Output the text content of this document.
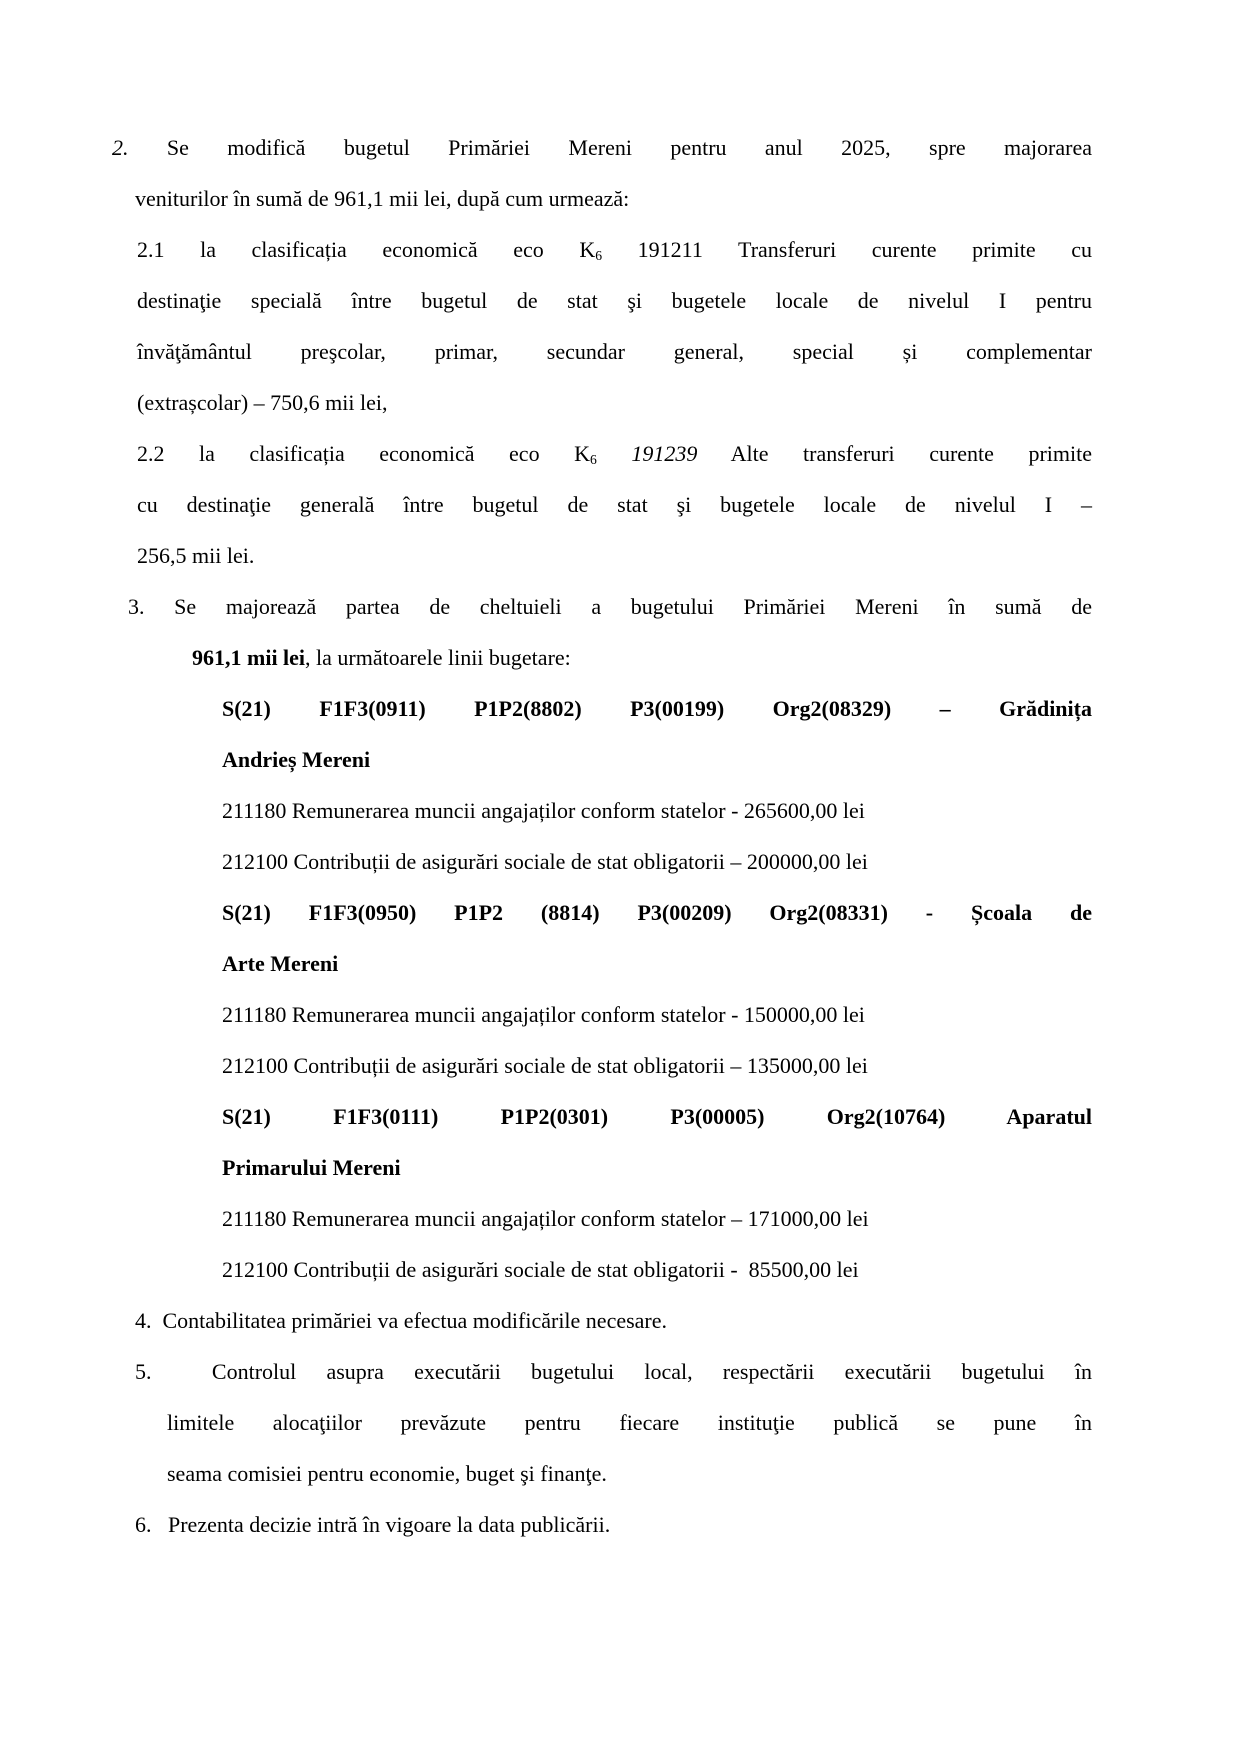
2. Se modifică bugetul Primăriei Mereni pentru anul 2025, spre majorarea
veniturilor în sumă de 961,1 mii lei, după cum urmează:
2.1 la clasificația economică eco $K_6$ 191211 Transferuri curente primite cu
destinaţie specială între bugetul de stat şi bugetele locale de nivelul I pentru
învăţământul preşcolar, primar, secundar general, special și complementar
(extrașcolar) – 750,6 mii lei,
2.2 la clasificația economică eco $K_6$ 191239 Alte transferuri curente primite
cu destinaţie generală între bugetul de stat şi bugetele locale de nivelul I –
256,5 mii lei.
3. Se majorează partea de cheltuieli a bugetului Primăriei Mereni în sumă de
961,1 mii lei, la următoarele linii bugetare:
S(21) F1F3(0911) P1P2(8802) P3(00199) Org2(08329) – Grădinița
Andrieș Mereni
211180 Remunerarea muncii angajaților conform statelor - 265600,00 lei
212100 Contribuții de asigurări sociale de stat obligatorii – 200000,00 lei
S(21) F1F3(0950) P1P2 (8814) P3(00209) Org2(08331) - Școala de
Arte Mereni
211180 Remunerarea muncii angajaților conform statelor - 150000,00 lei
212100 Contribuții de asigurări sociale de stat obligatorii – 135000,00 lei
S(21) F1F3(0111) P1P2(0301) P3(00005) Org2(10764) Aparatul
Primarului Mereni
211180 Remunerarea muncii angajaților conform statelor – 171000,00 lei
212100 Contribuții de asigurări sociale de stat obligatorii -  85500,00 lei
4.  Contabilitatea primăriei va efectua modificările necesare.
5.  Controlul asupra executării bugetului local, respectării executării bugetului în
limitele alocaţiilor prevăzute pentru fiecare instituţie publică se pune în
seama comisiei pentru economie, buget şi finanţe.
6.   Prezenta decizie intră în vigoare la data publicării.
